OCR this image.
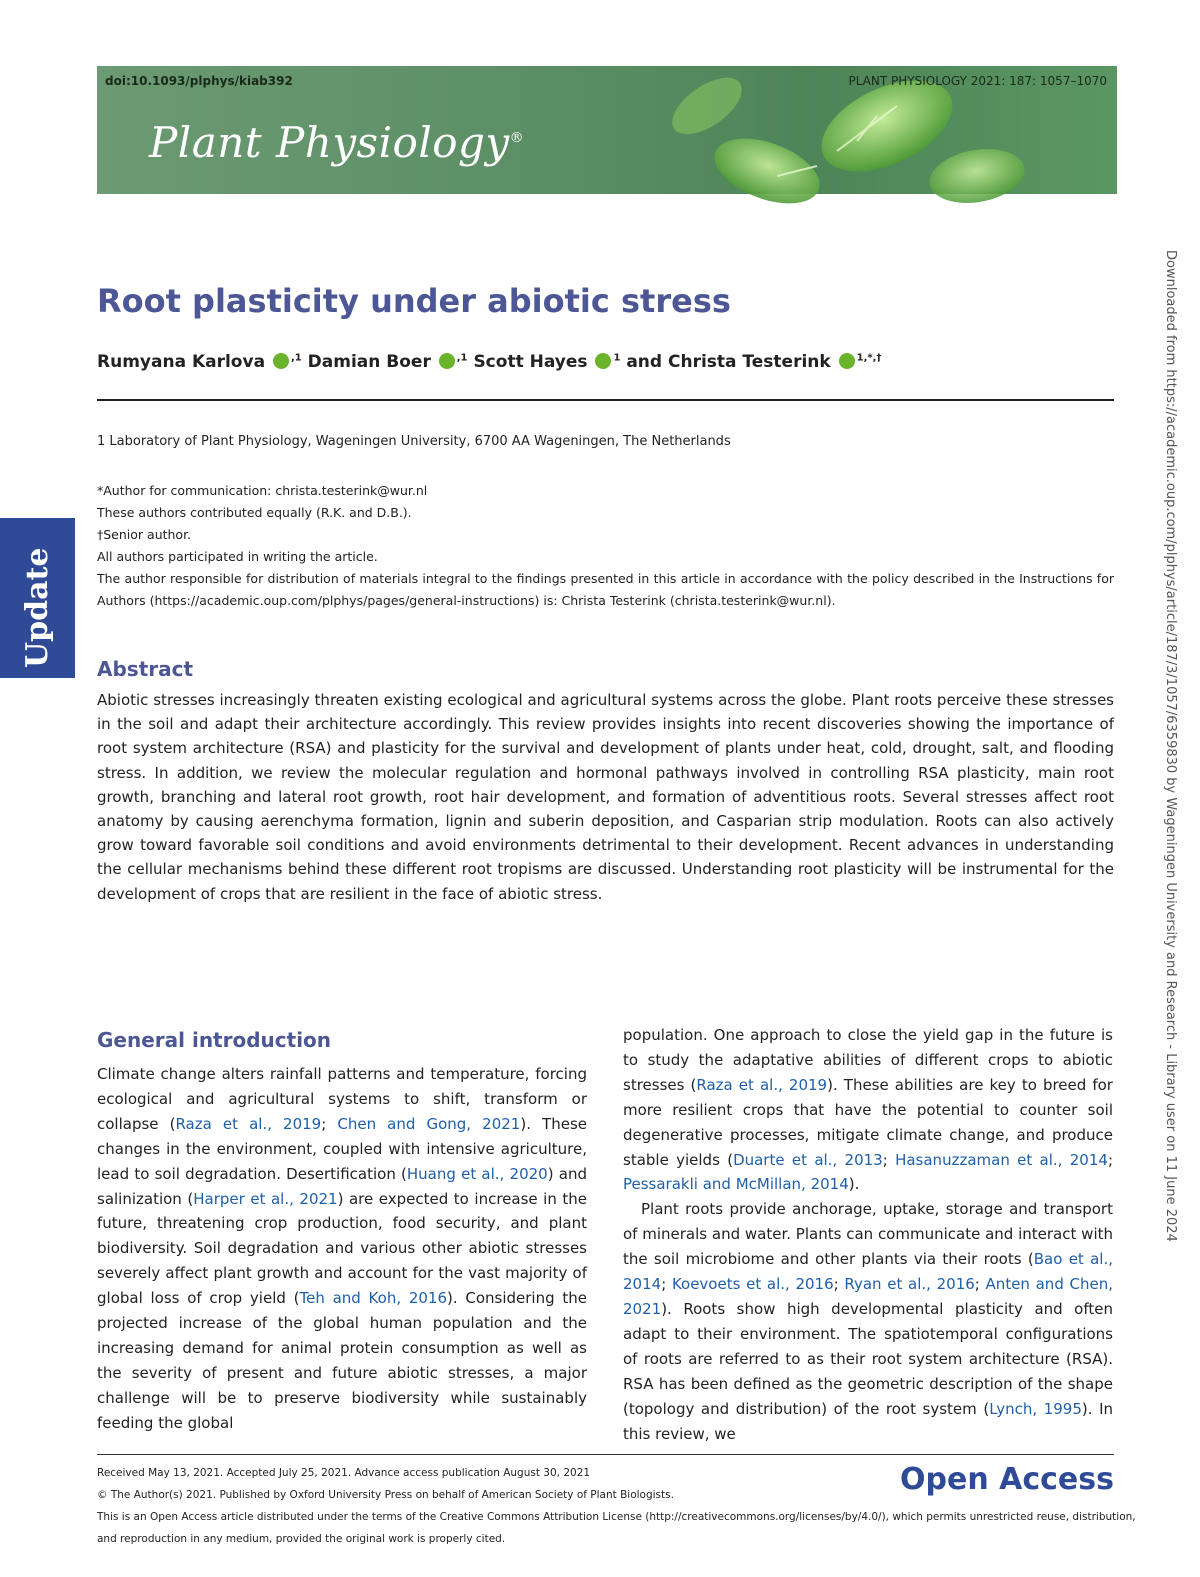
doi:10.1093/plphys/kiab392	PLANT PHYSIOLOGY 2021: 187: 1057–1070
Plant Physiology®
Downloaded from https://academic.oup.com/plphys/article/187/3/1057/6359830 by Wageningen University and Research - Library user on 11 June 2024
Update
Root plasticity under abiotic stress
Rumyana Karlova	$^{,1}$ Damian Boer	$^{,1}$ Scott Hayes	$^1$ and Christa Testerink	$^{1,*,\dagger}$
1 Laboratory of Plant Physiology, Wageningen University, 6700 AA Wageningen, The Netherlands
*Author for communication: christa.testerink@wur.nl
These authors contributed equally (R.K. and D.B.).
†Senior author.
All authors participated in writing the article.
The author responsible for distribution of materials integral to the findings presented in this article in accordance with the policy described in the Instructions for Authors (https://academic.oup.com/plphys/pages/general-instructions) is: Christa Testerink (christa.testerink@wur.nl).
Abstract
Abiotic stresses increasingly threaten existing ecological and agricultural systems across the globe. Plant roots perceive these stresses in the soil and adapt their architecture accordingly. This review provides insights into recent discoveries showing the importance of root system architecture (RSA) and plasticity for the survival and development of plants under heat, cold, drought, salt, and flooding stress. In addition, we review the molecular regulation and hormonal pathways involved in controlling RSA plasticity, main root growth, branching and lateral root growth, root hair development, and formation of adventitious roots. Several stresses affect root anatomy by causing aerenchyma formation, lignin and suberin deposition, and Casparian strip modulation. Roots can also actively grow toward favorable soil conditions and avoid environments detrimental to their development. Recent advances in understanding the cellular mechanisms behind these different root tropisms are discussed. Understanding root plasticity will be instrumental for the development of crops that are resilient in the face of abiotic stress.
General introduction

Climate change alters rainfall patterns and temperature, forcing ecological and agricultural systems to shift, transform or collapse (Raza et al., 2019; Chen and Gong, 2021). These changes in the environment, coupled with intensive agriculture, lead to soil degradation. Desertification (Huang et al., 2020) and salinization (Harper et al., 2021) are expected to increase in the future, threatening crop production, food security, and plant biodiversity. Soil degradation and various other abiotic stresses severely affect plant growth and account for the vast majority of global loss of crop yield (Teh and Koh, 2016). Considering the projected increase of the global human population and the increasing demand for animal protein consumption as well as the severity of present and future abiotic stresses, a major challenge will be to preserve biodiversity while sustainably feeding the global

population. One approach to close the yield gap in the future is to study the adaptative abilities of different crops to abiotic stresses (Raza et al., 2019). These abilities are key to breed for more resilient crops that have the potential to counter soil degenerative processes, mitigate climate change, and produce stable yields (Duarte et al., 2013; Hasanuzzaman et al., 2014; Pessarakli and McMillan, 2014).

Plant roots provide anchorage, uptake, storage and transport of minerals and water. Plants can communicate and interact with the soil microbiome and other plants via their roots (Bao et al., 2014; Koevoets et al., 2016; Ryan et al., 2016; Anten and Chen, 2021). Roots show high developmental plasticity and often adapt to their environment. The spatiotemporal configurations of roots are referred to as their root system architecture (RSA). RSA has been defined as the geometric description of the shape (topology and distribution) of the root system (Lynch, 1995). In this review, we

Received May 13, 2021. Accepted July 25, 2021. Advance access publication August 30, 2021
© The Author(s) 2021. Published by Oxford University Press on behalf of American Society of Plant Biologists.
This is an Open Access article distributed under the terms of the Creative Commons Attribution License (http://creativecommons.org/licenses/by/4.0/), which permits unrestricted reuse, distribution,
and reproduction in any medium, provided the original work is properly cited.
Open Access
